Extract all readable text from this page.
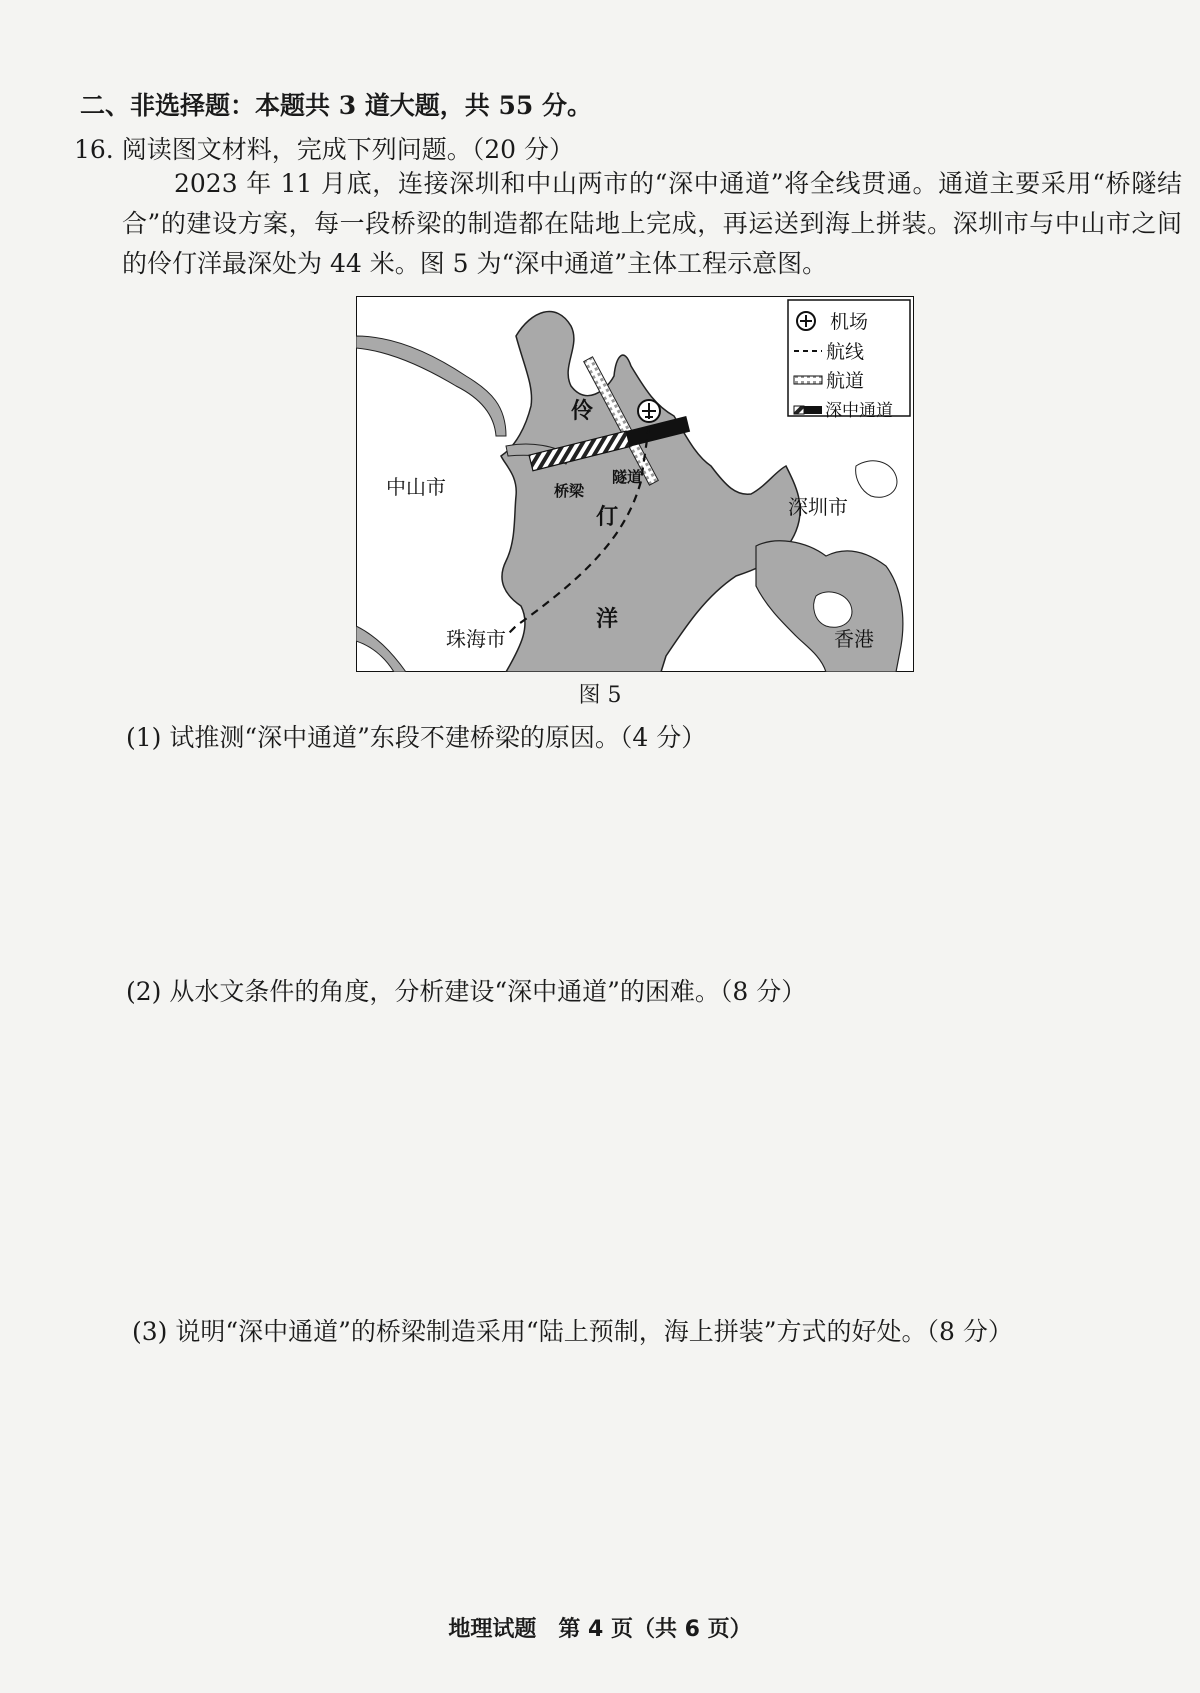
二、非选择题：本题共 3 道大题，共 55 分。
16. 阅读图文材料，完成下列问题。（20 分）
2023 年 11 月底，连接深圳和中山两市的“深中通道”将全线贯通。通道主要采用“桥隧结合”的建设方案，每一段桥梁的制造都在陆地上完成，再运送到海上拼装。深圳市与中山市之间的伶仃洋最深处为 44 米。图 5 为“深中通道”主体工程示意图。
机场
航线
航道
深中通道
中山市
深圳市
珠海市	香港
伶
仃
洋
桥梁
隧道
图 5
(1) 试推测“深中通道”东段不建桥梁的原因。（4 分）
(2) 从水文条件的角度，分析建设“深中通道”的困难。（8 分）
(3) 说明“深中通道”的桥梁制造采用“陆上预制，海上拼装”方式的好处。（8 分）
地理试题　第 4 页（共 6 页）
